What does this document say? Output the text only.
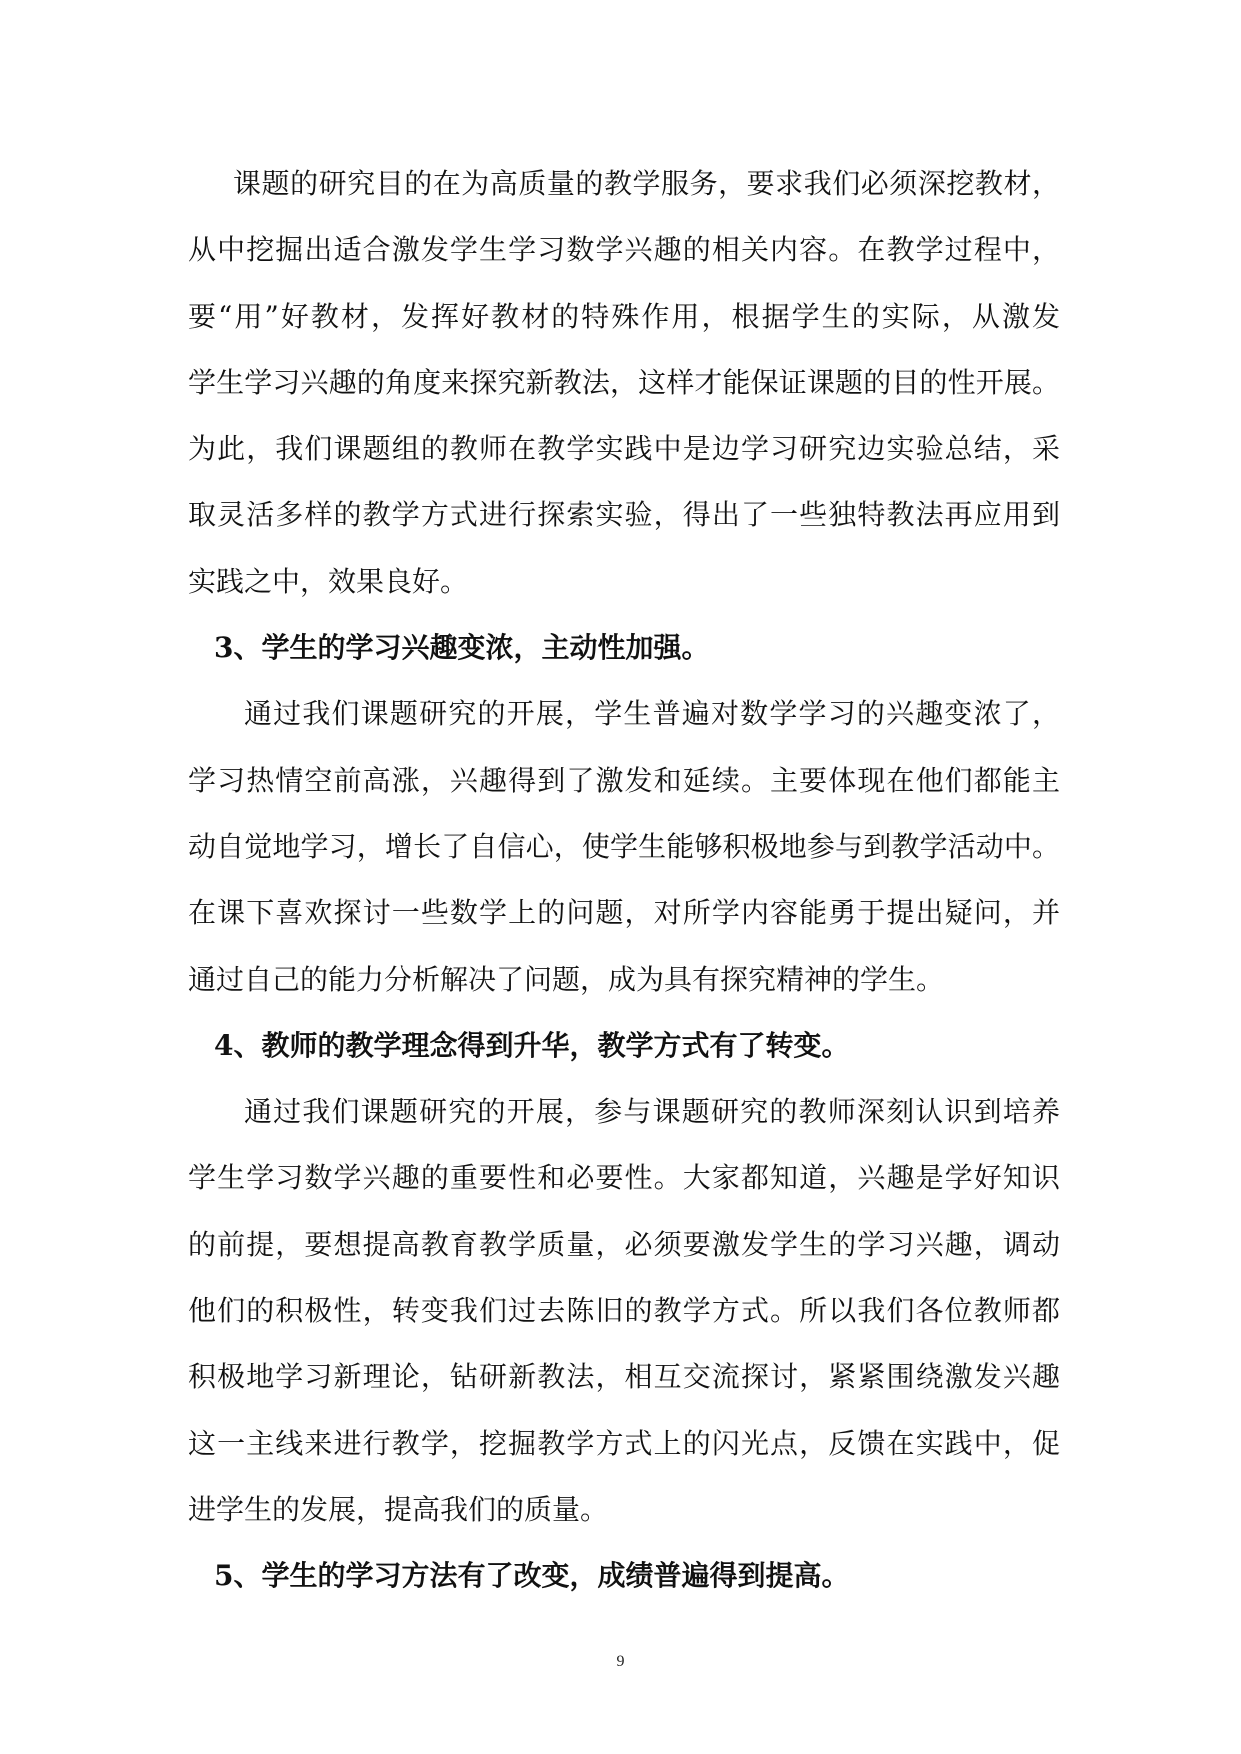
课题的研究目的在为高质量的教学服务，要求我们必须深挖教材，
从中挖掘出适合激发学生学习数学兴趣的相关内容。在教学过程中，
要“用”好教材，发挥好教材的特殊作用，根据学生的实际，从激发
学生学习兴趣的角度来探究新教法，这样才能保证课题的目的性开展。
为此，我们课题组的教师在教学实践中是边学习研究边实验总结，采
取灵活多样的教学方式进行探索实验，得出了一些独特教法再应用到
实践之中，效果良好。
3、学生的学习兴趣变浓，主动性加强。
通过我们课题研究的开展，学生普遍对数学学习的兴趣变浓了，
学习热情空前高涨，兴趣得到了激发和延续。主要体现在他们都能主
动自觉地学习，增长了自信心，使学生能够积极地参与到教学活动中。
在课下喜欢探讨一些数学上的问题，对所学内容能勇于提出疑问，并
通过自己的能力分析解决了问题，成为具有探究精神的学生。
4、教师的教学理念得到升华，教学方式有了转变。
通过我们课题研究的开展，参与课题研究的教师深刻认识到培养
学生学习数学兴趣的重要性和必要性。大家都知道，兴趣是学好知识
的前提，要想提高教育教学质量，必须要激发学生的学习兴趣，调动
他们的积极性，转变我们过去陈旧的教学方式。所以我们各位教师都
积极地学习新理论，钻研新教法，相互交流探讨，紧紧围绕激发兴趣
这一主线来进行教学，挖掘教学方式上的闪光点，反馈在实践中，促
进学生的发展，提高我们的质量。
5、学生的学习方法有了改变，成绩普遍得到提高。
9
